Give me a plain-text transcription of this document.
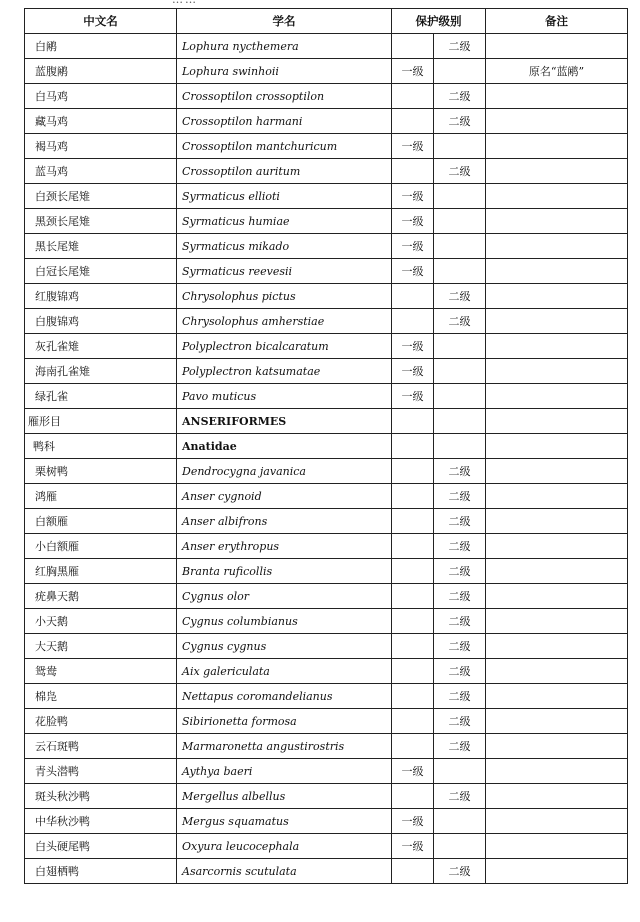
中文名	学名	保护级别		备注
白鹇	Lophura nycthemera		二级	
蓝腹鹇	Lophura swinhoii	一级		原名“蓝鹇”
白马鸡	Crossoptilon crossoptilon		二级	
藏马鸡	Crossoptilon harmani		二级	
褐马鸡	Crossoptilon mantchuricum	一级		
蓝马鸡	Crossoptilon auritum		二级	
白颈长尾雉	Syrmaticus ellioti	一级		
黑颈长尾雉	Syrmaticus humiae	一级		
黑长尾雉	Syrmaticus mikado	一级		
白冠长尾雉	Syrmaticus reevesii	一级		
红腹锦鸡	Chrysolophus pictus		二级	
白腹锦鸡	Chrysolophus amherstiae		二级	
灰孔雀雉	Polyplectron bicalcaratum	一级		
海南孔雀雉	Polyplectron katsumatae	一级		
绿孔雀	Pavo muticus	一级		
雁形目	ANSERIFORMES			
鸭科	Anatidae			
栗树鸭	Dendrocygna javanica		二级	
鸿雁	Anser cygnoid		二级	
白额雁	Anser albifrons		二级	
小白额雁	Anser erythropus		二级	
红胸黑雁	Branta ruficollis		二级	
疣鼻天鹅	Cygnus olor		二级	
小天鹅	Cygnus columbianus		二级	
大天鹅	Cygnus cygnus		二级	
鸳鸯	Aix galericulata		二级	
棉凫	Nettapus coromandelianus		二级	
花脸鸭	Sibirionetta formosa		二级	
云石斑鸭	Marmaronetta angustirostris		二级	
青头潜鸭	Aythya baeri	一级		
斑头秋沙鸭	Mergellus albellus		二级	
中华秋沙鸭	Mergus squamatus	一级		
白头硬尾鸭	Oxyura leucocephala	一级		
白翅栖鸭	Asarcornis scutulata		二级	
